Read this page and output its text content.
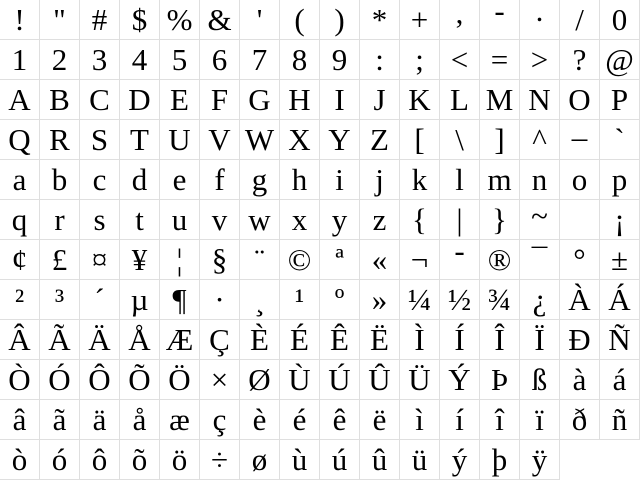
! " # $ % & ' ( ) * + , - . / 0
1 2 3 4 5 6 7 8 9 : ; < = > ? @
A B C D E F G H I J K L M N O P
Q R S T U V W X Y Z [ \ ] ^ _ `
a b c d e f g h i j k l m n o p
q r s t u v w x y z { | } ~
¡
¢ £ ¤ ¥ ¦ § ¨ © ª « ¬ - ® ¯ ° ±
² ³ ´ µ ¶ · ¸ ¹ º » ¼ ½ ¾ ¿ À Á
Â Ã Ä Å Æ Ç È É Ê Ë Ì Í Î Ï Ð Ñ
Ò Ó Ô Õ Ö × Ø Ù Ú Û Ü Ý Þ ß à á
â ã ä å æ ç è é ê ë ì í î ï ð ñ
ò ó ô õ ö ÷ ø ù ú û ü ý þ ÿ
